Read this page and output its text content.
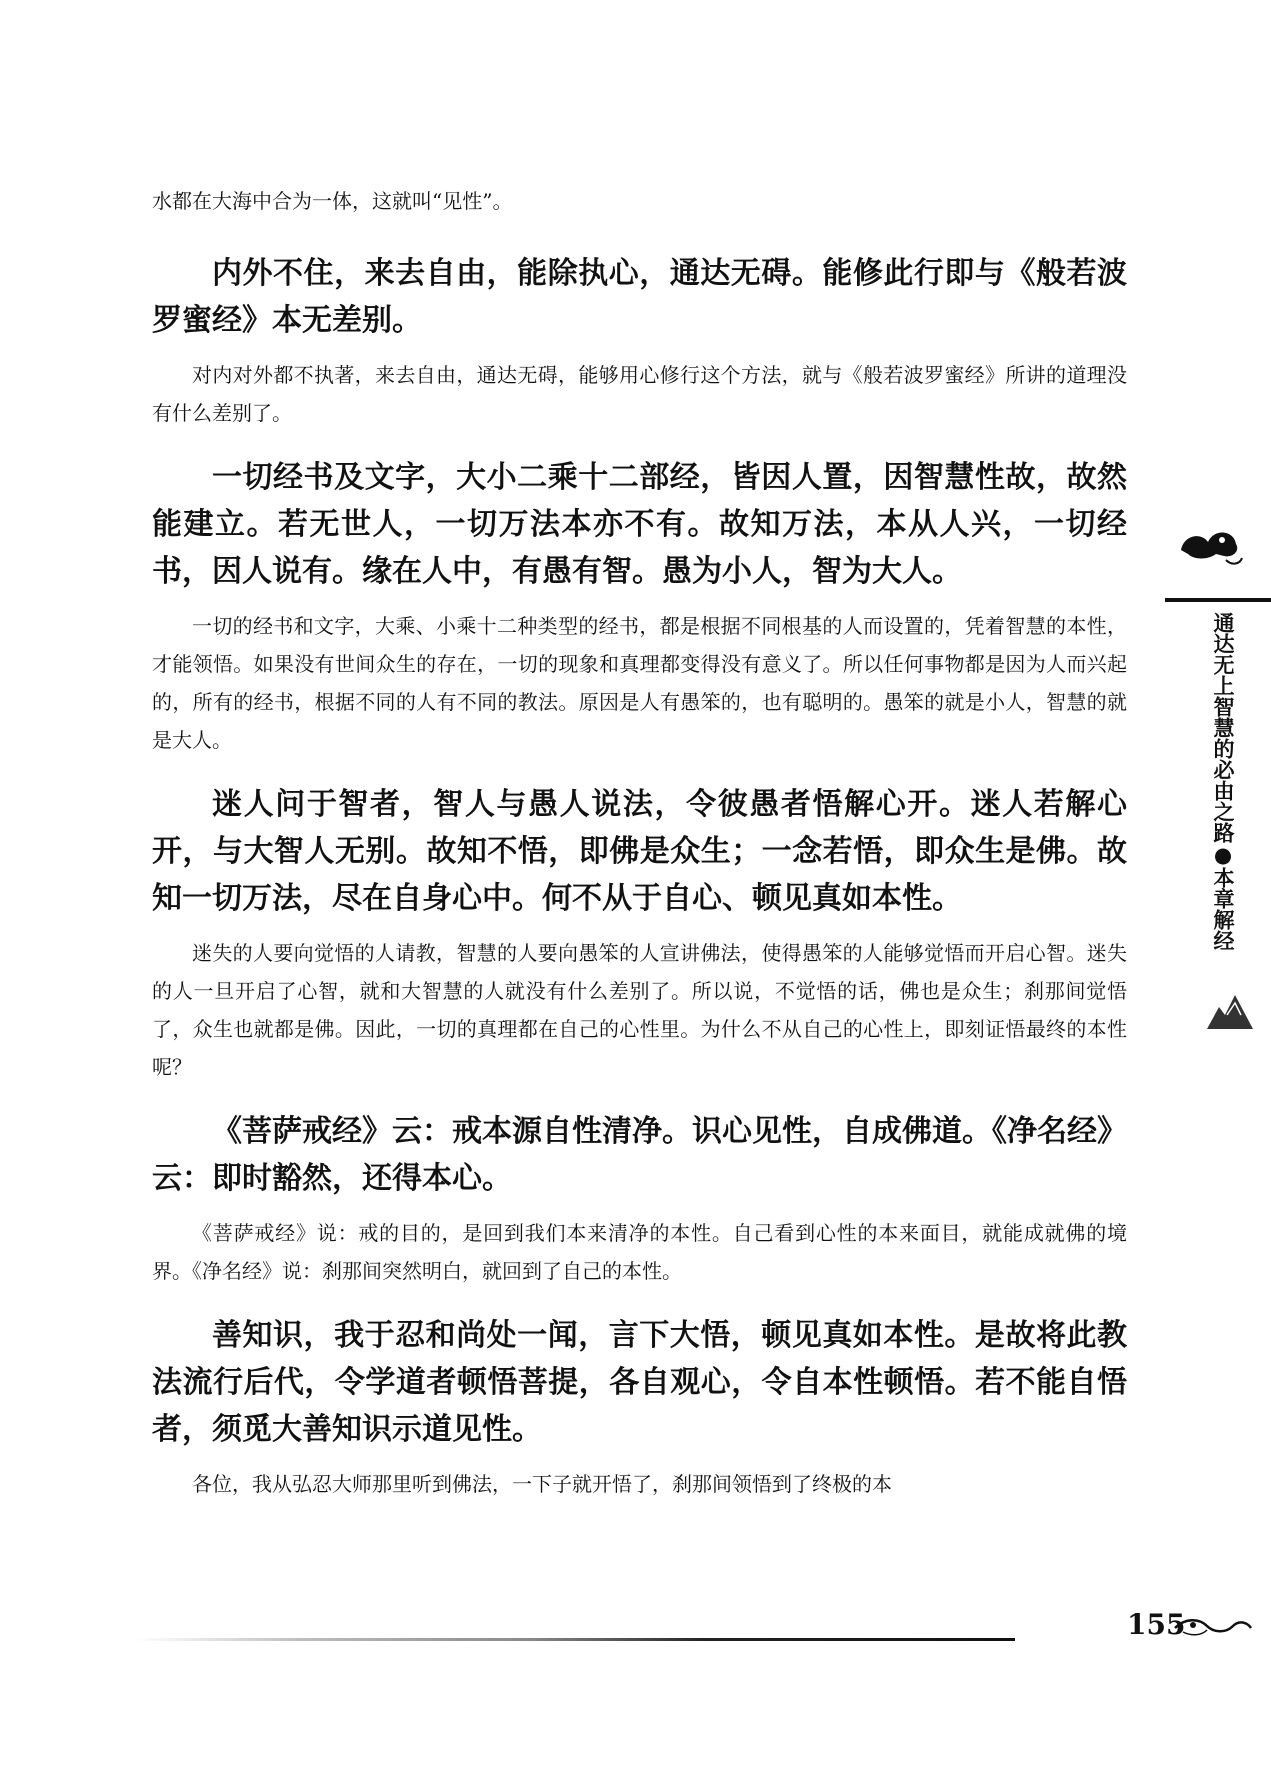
水都在大海中合为一体，这就叫“见性”。

内外不住，来去自由，能除执心，通达无碍。能修此行即与《般若波罗蜜经》本无差别。

对内对外都不执著，来去自由，通达无碍，能够用心修行这个方法，就与《般若波罗蜜经》所讲的道理没有什么差别了。

一切经书及文字，大小二乘十二部经，皆因人置，因智慧性故，故然能建立。若无世人，一切万法本亦不有。故知万法，本从人兴，一切经书，因人说有。缘在人中，有愚有智。愚为小人，智为大人。

一切的经书和文字，大乘、小乘十二种类型的经书，都是根据不同根基的人而设置的，凭着智慧的本性，才能领悟。如果没有世间众生的存在，一切的现象和真理都变得没有意义了。所以任何事物都是因为人而兴起的，所有的经书，根据不同的人有不同的教法。原因是人有愚笨的，也有聪明的。愚笨的就是小人，智慧的就是大人。

迷人问于智者，智人与愚人说法，令彼愚者悟解心开。迷人若解心开，与大智人无别。故知不悟，即佛是众生；一念若悟，即众生是佛。故知一切万法，尽在自身心中。何不从于自心、顿见真如本性。

迷失的人要向觉悟的人请教，智慧的人要向愚笨的人宣讲佛法，使得愚笨的人能够觉悟而开启心智。迷失的人一旦开启了心智，就和大智慧的人就没有什么差别了。所以说，不觉悟的话，佛也是众生；刹那间觉悟了，众生也就都是佛。因此，一切的真理都在自己的心性里。为什么不从自己的心性上，即刻证悟最终的本性呢？

《菩萨戒经》云：戒本源自性清净。识心见性，自成佛道。《净名经》云：即时豁然，还得本心。

《菩萨戒经》说：戒的目的，是回到我们本来清净的本性。自己看到心性的本来面目，就能成就佛的境界。《净名经》说：刹那间突然明白，就回到了自己的本性。

善知识，我于忍和尚处一闻，言下大悟，顿见真如本性。是故将此教法流行后代，令学道者顿悟菩提，各自观心，令自本性顿悟。若不能自悟者，须觅大善知识示道见性。

各位，我从弘忍大师那里听到佛法，一下子就开悟了，刹那间领悟到了终极的本

通达无上智慧的必由之路●本章解经
155
